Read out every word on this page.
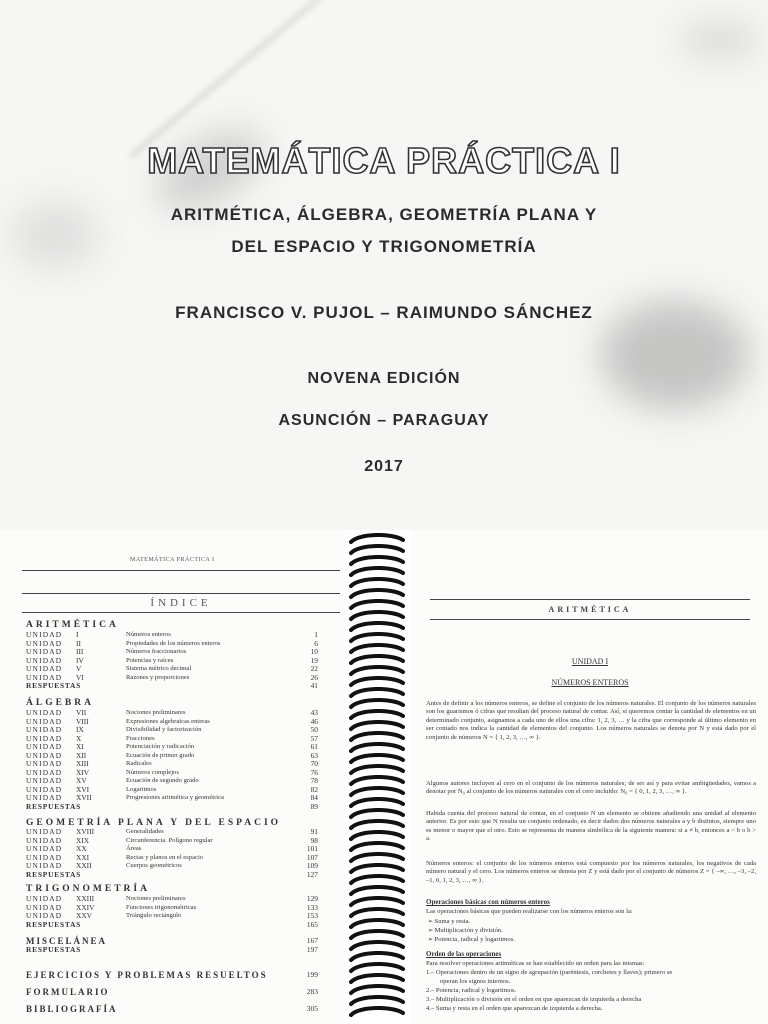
MATEMÁTICA PRÁCTICA I
ARITMÉTICA, ÁLGEBRA, GEOMETRÍA PLANA Y
DEL ESPACIO Y TRIGONOMETRÍA
FRANCISCO V. PUJOL – RAIMUNDO SÁNCHEZ
NOVENA EDICIÓN
ASUNCIÓN – PARAGUAY
2017
MATEMÁTICA PRÁCTICA I
ÍNDICE
ARITMÉTICA
UNIDAD I	Números enteros	1
UNIDAD II	Propiedades de los números enteros	6
UNIDAD III	Números fraccionarios	10
UNIDAD IV	Potencias y raíces	19
UNIDAD V	Sistema métrico decimal	22
UNIDAD VI	Razones y proporciones	26
RESPUESTAS	41
ÁLGEBRA
UNIDAD VII	Nociones preliminares	43
UNIDAD VIII	Expresiones algebraicas enteras	46
UNIDAD IX	Divisibilidad y factorización	50
UNIDAD X	Fracciones	57
UNIDAD XI	Potenciación y radicación	61
UNIDAD XII	Ecuación de primer grado	63
UNIDAD XIII	Radicales	70
UNIDAD XIV	Números complejos	76
UNIDAD XV	Ecuación de segundo grado	78
UNIDAD XVI	Logaritmos	82
UNIDAD XVII	Progresiones aritmética y geométrica	84
RESPUESTAS	89
GEOMETRÍA PLANA Y DEL ESPACIO
UNIDAD XVIII	Generalidades	91
UNIDAD XIX	Circunferencia. Polígono regular	98
UNIDAD XX	Áreas	101
UNIDAD XXI	Rectas y planos en el espacio	107
UNIDAD XXII	Cuerpos geométricos	109
RESPUESTAS	127
TRIGONOMETRÍA
UNIDAD XXIII	Nociones preliminares	129
UNIDAD XXIV	Funciones trigonométricas	133
UNIDAD XXV	Triángulo rectángulo	153
RESPUESTAS	165
MISCELÁNEA	167
RESPUESTAS	197
EJERCICIOS Y PROBLEMAS RESUELTOS	199
FORMULARIO	283
BIBLIOGRAFÍA	305
ARITMÉTICA
UNIDAD I
NÚMEROS ENTEROS
Antes de definir a los números enteros, se define el conjunto de los números naturales. El conjunto de los números naturales son los guarismos ó cifras que resultan del proceso natural de contar. Así, si queremos contar la cantidad de elementos en un determinado conjunto, asignamos a cada uno de ellos una cifra: 1, 2, 3, … y la cifra que corresponde al último elemento en ser contado nos indica la cantidad de elementos del conjunto. Los números naturales se denota por N y está dado por el conjunto de números N = { 1, 2, 3, …, ∞ }.
Algunos autores incluyen al cero en el conjunto de los números naturales; de ser así y para evitar ambigüedades, vamos a denotar por N₀ al conjunto de los números naturales con el cero incluido: N₀ = { 0, 1, 2, 3, …, ∞ }.
Habida cuenta del proceso natural de contar, en el conjunto N un elemento se obtiene añadiendo una unidad al elemento anterior. Es por esto que N resulta un conjunto ordenado, es decir dados dos números naturales a y b distintos, siempre uno es menor o mayor que el otro. Esto se representa de manera simbólica de la siguiente manera: si a ≠ b, entonces a < b o b > a.
Números enteros: el conjunto de los números enteros está compuesto por los números naturales, los negativos de cada número natural y el cero. Los números enteros se denota por Z y está dado por el conjunto de números Z = { –∞, …, –3, –2, –1, 0, 1, 2, 3, …, ∞ }.
Operaciones básicas con números enteros
Las operaciones básicas que pueden realizarse con los números enteros son la:
➢ Suma y resta.
➢ Multiplicación y división.
➢ Potencia, radical y logaritmos.
Orden de las operaciones
Para resolver operaciones aritméticas se han establecido un orden para las mismas:
1.– Operaciones dentro de un signo de agrupación (paréntesis, corchetes y llaves); primero se
operan los signos internos.
2.– Potencia, radical y logaritmos.
3.– Multiplicación o división en el orden en que aparezcan de izquierda a derecha
4.– Suma y resta en el orden que aparezcan de izquierda a derecha.
